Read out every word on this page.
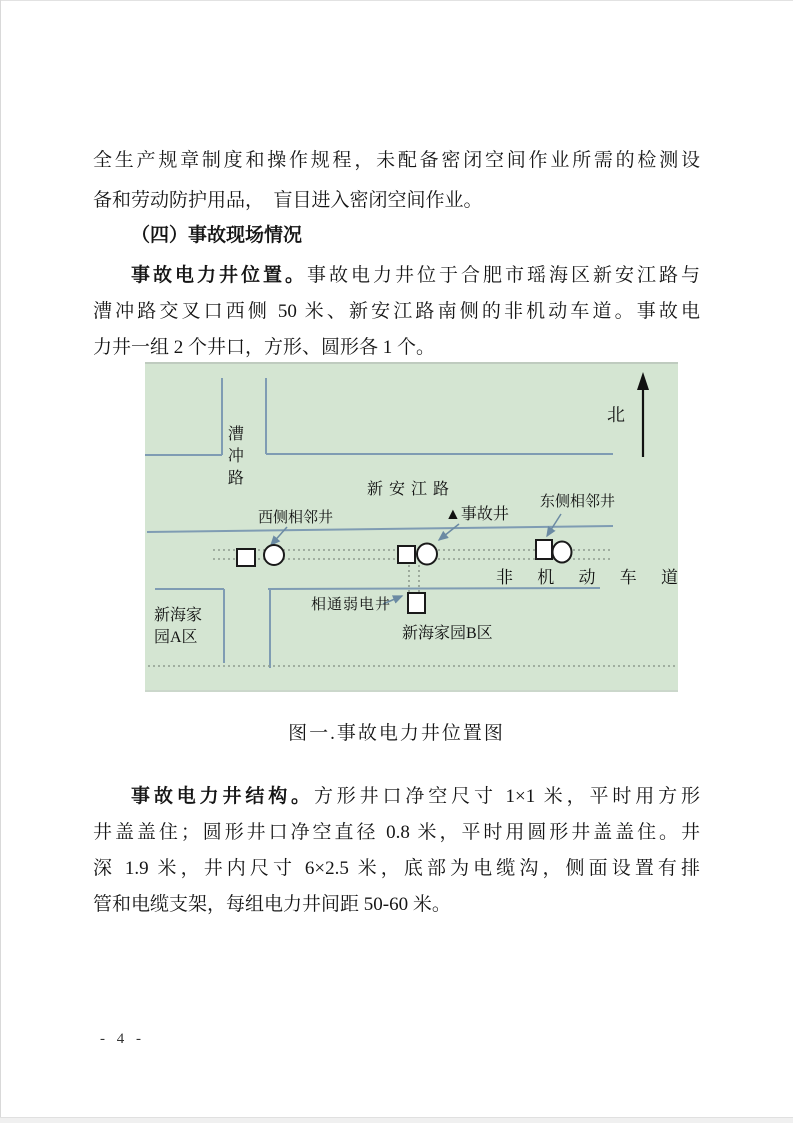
全生产规章制度和操作规程，未配备密闭空间作业所需的检测设
备和劳动防护用品，　盲目进入密闭空间作业。
（四）事故现场情况
事故电力井位置。事故电力井位于合肥市瑶海区新安江路与
漕冲路交叉口西侧 50 米、新安江路南侧的非机动车道。事故电
力井一组 2 个井口，方形、圆形各 1 个。
北
漕冲路	新安江路
西侧相邻井	▲事故井
东侧相邻井
非 机 动 车 道
相通弱电井
新海家园A区	新海家园B区
图一.事故电力井位置图
事故电力井结构。方形井口净空尺寸 1×1 米，平时用方形
井盖盖住；圆形井口净空直径 0.8 米，平时用圆形井盖盖住。井
深 1.9 米，井内尺寸 6×2.5 米，底部为电缆沟，侧面设置有排
管和电缆支架，每组电力井间距 50-60 米。
- 4 -
